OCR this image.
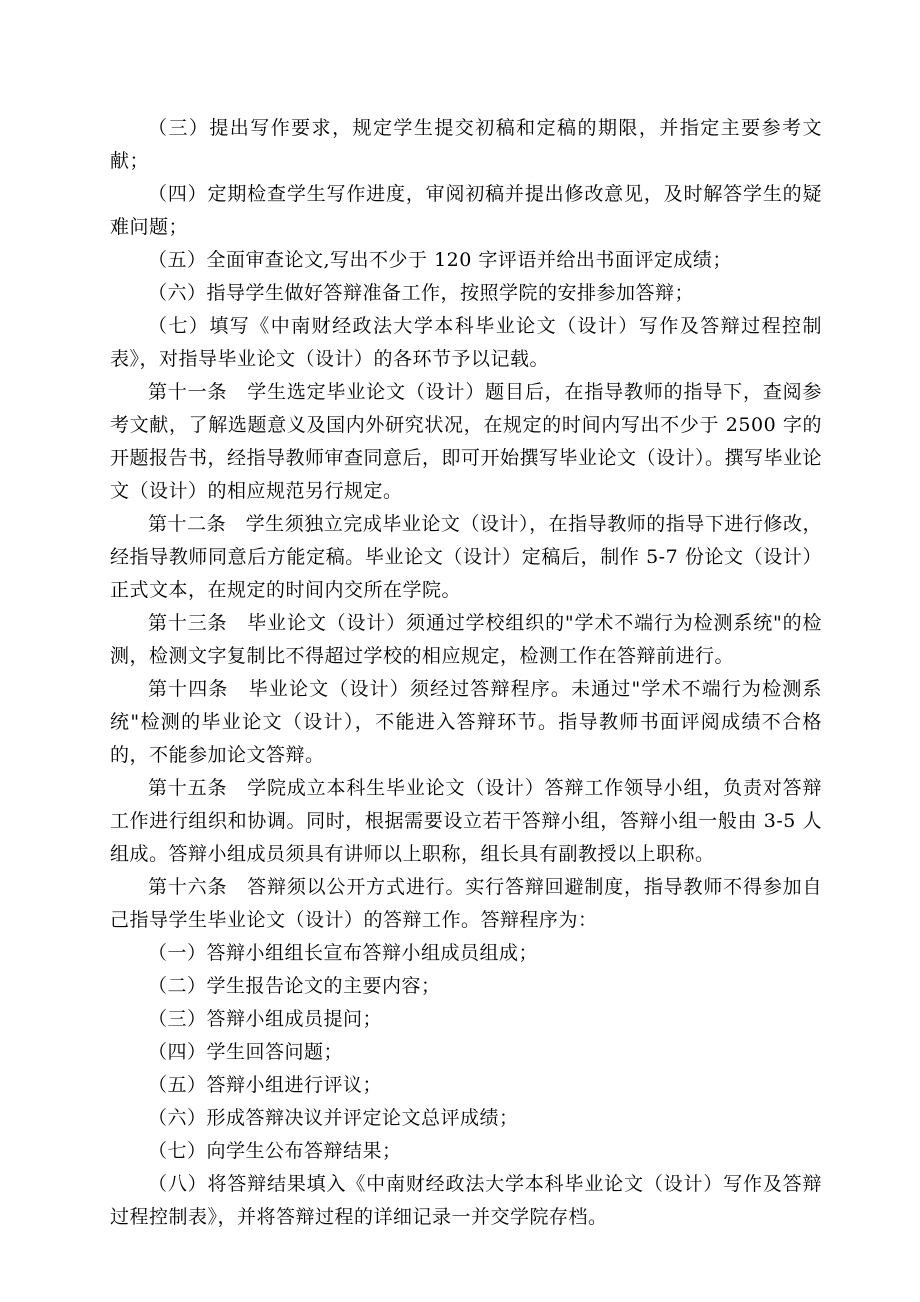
（三）提出写作要求，规定学生提交初稿和定稿的期限，并指定主要参考文献；

（四）定期检查学生写作进度，审阅初稿并提出修改意见，及时解答学生的疑难问题；

（五）全面审查论文,写出不少于 120 字评语并给出书面评定成绩；

（六）指导学生做好答辩准备工作，按照学院的安排参加答辩；

（七）填写《中南财经政法大学本科毕业论文（设计）写作及答辩过程控制表》，对指导毕业论文（设计）的各环节予以记载。

第十一条　学生选定毕业论文（设计）题目后，在指导教师的指导下，查阅参考文献，了解选题意义及国内外研究状况，在规定的时间内写出不少于 2500 字的开题报告书，经指导教师审查同意后，即可开始撰写毕业论文（设计）。撰写毕业论文（设计）的相应规范另行规定。

第十二条　学生须独立完成毕业论文（设计），在指导教师的指导下进行修改，经指导教师同意后方能定稿。毕业论文（设计）定稿后，制作 5-7 份论文（设计）正式文本，在规定的时间内交所在学院。

第十三条　毕业论文（设计）须通过学校组织的"学术不端行为检测系统"的检测，检测文字复制比不得超过学校的相应规定，检测工作在答辩前进行。

第十四条　毕业论文（设计）须经过答辩程序。未通过"学术不端行为检测系统"检测的毕业论文（设计），不能进入答辩环节。指导教师书面评阅成绩不合格的，不能参加论文答辩。

第十五条　学院成立本科生毕业论文（设计）答辩工作领导小组，负责对答辩工作进行组织和协调。同时，根据需要设立若干答辩小组，答辩小组一般由 3-5 人组成。答辩小组成员须具有讲师以上职称，组长具有副教授以上职称。

第十六条　答辩须以公开方式进行。实行答辩回避制度，指导教师不得参加自己指导学生毕业论文（设计）的答辩工作。答辩程序为：

（一）答辩小组组长宣布答辩小组成员组成；

（二）学生报告论文的主要内容；

（三）答辩小组成员提问；

（四）学生回答问题；

（五）答辩小组进行评议；

（六）形成答辩决议并评定论文总评成绩；

（七）向学生公布答辩结果；

（八）将答辩结果填入《中南财经政法大学本科毕业论文（设计）写作及答辩过程控制表》，并将答辩过程的详细记录一并交学院存档。
